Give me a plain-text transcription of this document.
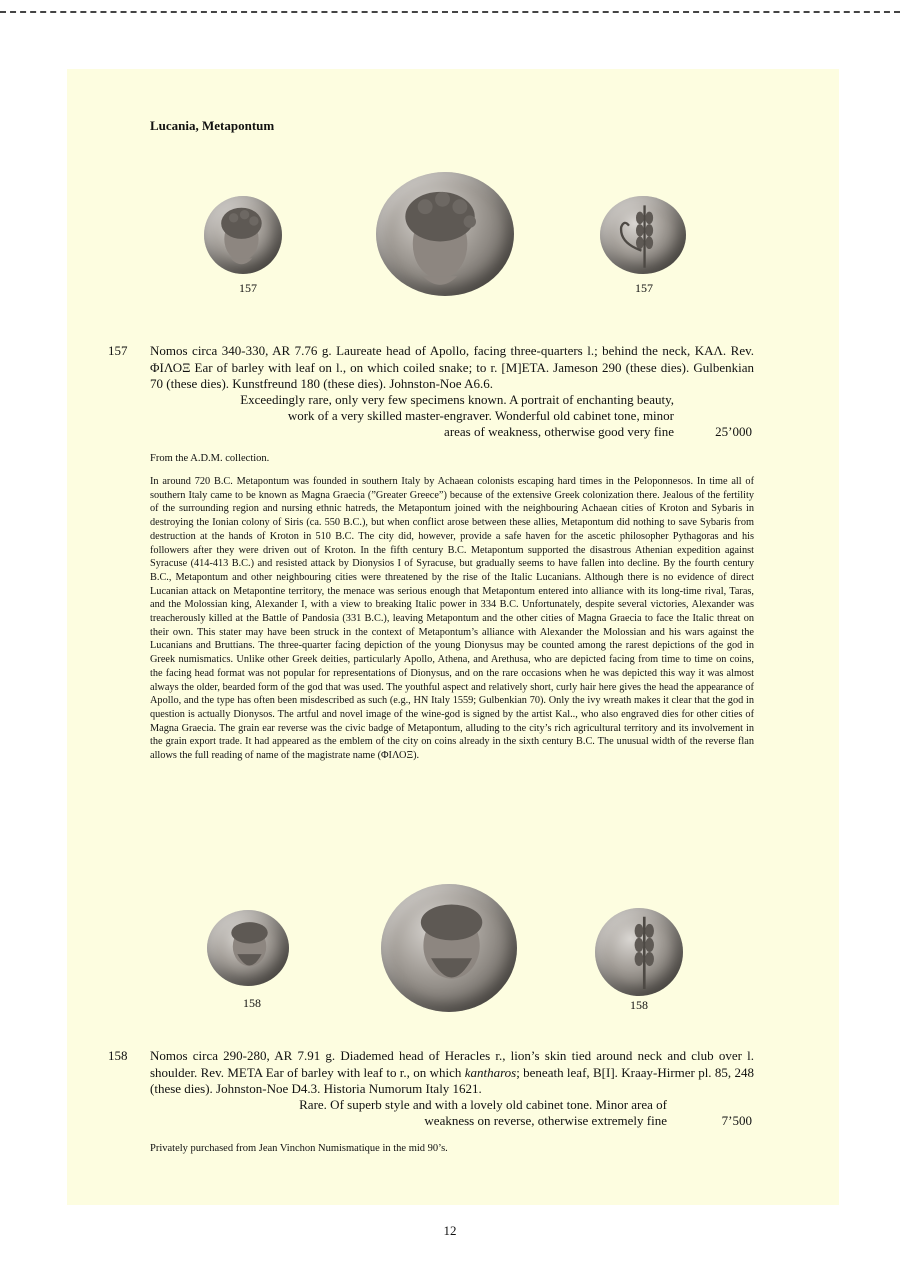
Lucania, Metapontum
157	157
157 Nomos circa 340-330, AR 7.76 g. Laureate head of Apollo, facing three-quarters l.; behind the neck, ΚΑΛ. Rev. ΦΙΛΟΞ Ear of barley with leaf on l., on which coiled snake; to r. [Μ]ΕΤΑ. Jameson 290 (these dies). Gulbenkian 70 (these dies). Kunstfreund 180 (these dies). Johnston-Noe A6.6.
Exceedingly rare, only very few specimens known. A portrait of enchanting beauty,
work of a very skilled master-engraver. Wonderful old cabinet tone, minor
areas of weakness, otherwise good very fine	25’000
From the A.D.M. collection.
In around 720 B.C. Metapontum was founded in southern Italy by Achaean colonists escaping hard times in the Peloponnesos. In time all of southern Italy came to be known as Magna Graecia (”Greater Greece”) because of the extensive Greek colonization there. Jealous of the fertility of the surrounding region and nursing ethnic hatreds, the Metapontum joined with the neighbouring Achaean cities of Kroton and Sybaris in destroying the Ionian colony of Siris (ca. 550 B.C.), but when conflict arose between these allies, Metapontum did nothing to save Sybaris from destruction at the hands of Kroton in 510 B.C. The city did, however, provide a safe haven for the ascetic philosopher Pythagoras and his followers after they were driven out of Kroton. In the fifth century B.C. Metapontum supported the disastrous Athenian expedition against Syracuse (414-413 B.C.) and resisted attack by Dionysios I of Syracuse, but gradually seems to have fallen into decline. By the fourth century B.C., Metapontum and other neighbouring cities were threatened by the rise of the Italic Lucanians. Although there is no evidence of direct Lucanian attack on Metapontine territory, the menace was serious enough that Metapontum entered into alliance with its long-time rival, Taras, and the Molossian king, Alexander I, with a view to breaking Italic power in 334 B.C. Unfortunately, despite several victories, Alexander was treacherously killed at the Battle of Pandosia (331 B.C.), leaving Metapontum and the other cities of Magna Graecia to face the Italic threat on their own. This stater may have been struck in the context of Metapontum’s alliance with Alexander the Molossian and his wars against the Lucanians and Bruttians. The three-quarter facing depiction of the young Dionysus may be counted among the rarest depictions of the god in Greek numismatics. Unlike other Greek deities, particularly Apollo, Athena, and Arethusa, who are depicted facing from time to time on coins, the facing head format was not popular for representations of Dionysus, and on the rare occasions when he was depicted this way it was almost always the older, bearded form of the god that was used. The youthful aspect and relatively short, curly hair here gives the head the appearance of Apollo, and the type has often been misdescribed as such (e.g., HN Italy 1559; Gulbenkian 70). Only the ivy wreath makes it clear that the god in question is actually Dionysos. The artful and novel image of the wine-god is signed by the artist Kal.., who also engraved dies for other cities of Magna Graecia. The grain ear reverse was the civic badge of Metapontum, alluding to the city’s rich agricultural territory and its involvement in the grain export trade. It had appeared as the emblem of the city on coins already in the sixth century B.C. The unusual width of the reverse flan allows the full reading of name of the magistrate name (ΦΙΛΟΞ).
158	158
158 Nomos circa 290-280, AR 7.91 g. Diademed head of Heracles r., lion’s skin tied around neck and club over l. shoulder. Rev. ΜΕΤΑ Ear of barley with leaf to r., on which kantharos; beneath leaf, Β[Ι]. Kraay-Hirmer pl. 85, 248 (these dies). Johnston-Noe D4.3. Historia Numorum Italy 1621.
Rare. Of superb style and with a lovely old cabinet tone. Minor area of
weakness on reverse, otherwise extremely fine	7’500
Privately purchased from Jean Vinchon Numismatique in the mid 90’s.
12
